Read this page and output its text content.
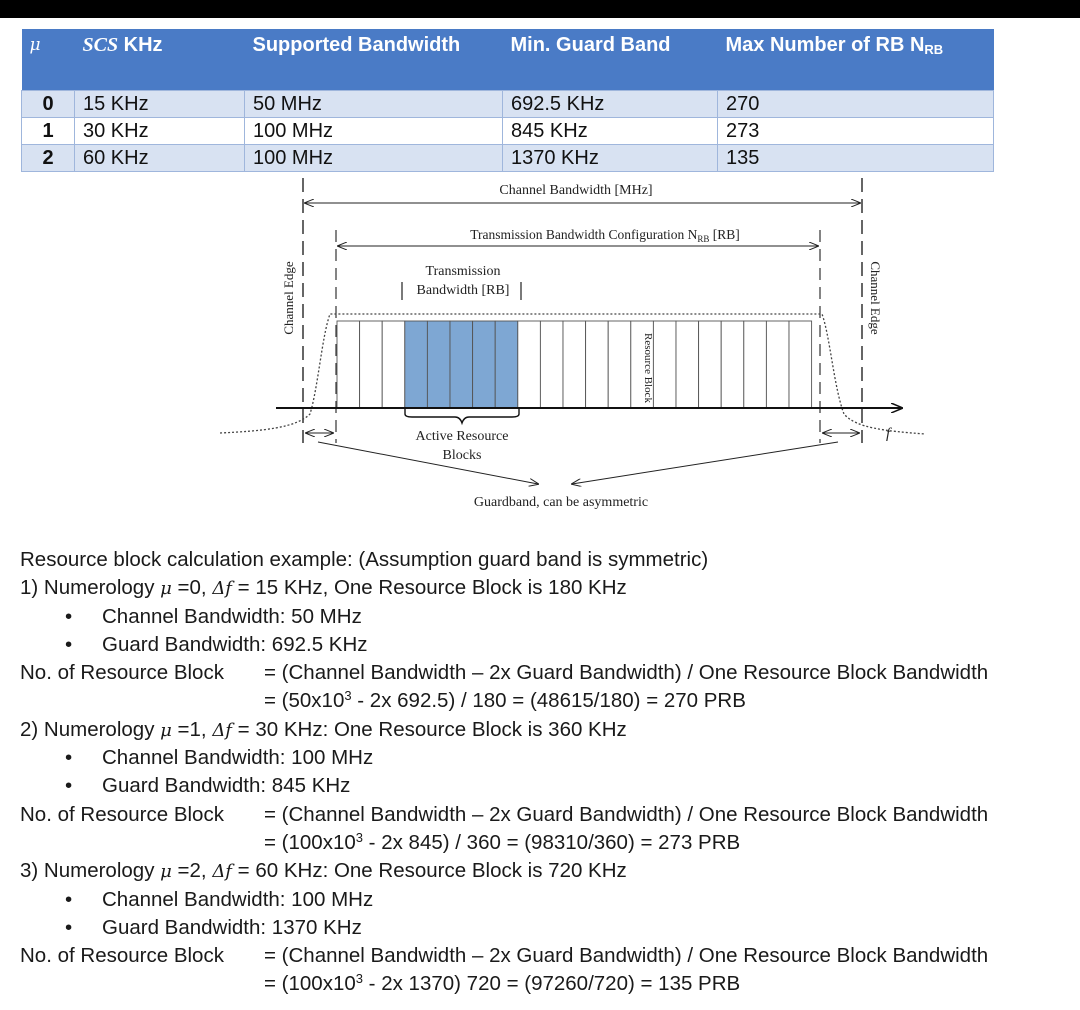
μ	SCS KHz	Supported Bandwidth	Min. Guard Band	Max Number of RB $N_{RB}$
0	15 KHz	50 MHz	692.5 KHz	270
1	30 KHz	100 MHz	845 KHz	273
2	60 KHz	100 MHz	1370 KHz	135
Channel Bandwidth [MHz]
Transmission Bandwidth Configuration $N_{RB}$ [RB]
Transmission
Bandwidth [RB]
Resource Block
f
Channel Edge	Channel Edge
Active Resource
Blocks
Guardband, can be asymmetric
Resource block calculation example: (Assumption guard band is symmetric)
1) Numerology μ =0, Δf = 15 KHz, One Resource Block is 180 KHz
• Channel Bandwidth: 50 MHz
• Guard Bandwidth: 692.5 KHz
No. of Resource Block	= (Channel Bandwidth – 2x Guard Bandwidth) / One Resource Block Bandwidth
= ($50x10^3 - 2x$ 692.5) / 180 = (48615/180) = 270 PRB
2) Numerology μ =1, Δf = 30 KHz: One Resource Block is 360 KHz
• Channel Bandwidth: 100 MHz
• Guard Bandwidth: 845 KHz
No. of Resource Block	= (Channel Bandwidth – 2x Guard Bandwidth) / One Resource Block Bandwidth
= ($100x10^3 - 2x$ 845) / 360 = (98310/360) = 273 PRB
3) Numerology μ =2, Δf = 60 KHz: One Resource Block is 720 KHz
• Channel Bandwidth: 100 MHz
• Guard Bandwidth: 1370 KHz
No. of Resource Block	= (Channel Bandwidth – 2x Guard Bandwidth) / One Resource Block Bandwidth
= ($100x10^3 - 2x$ 1370) 720 = (97260/720) = 135 PRB
